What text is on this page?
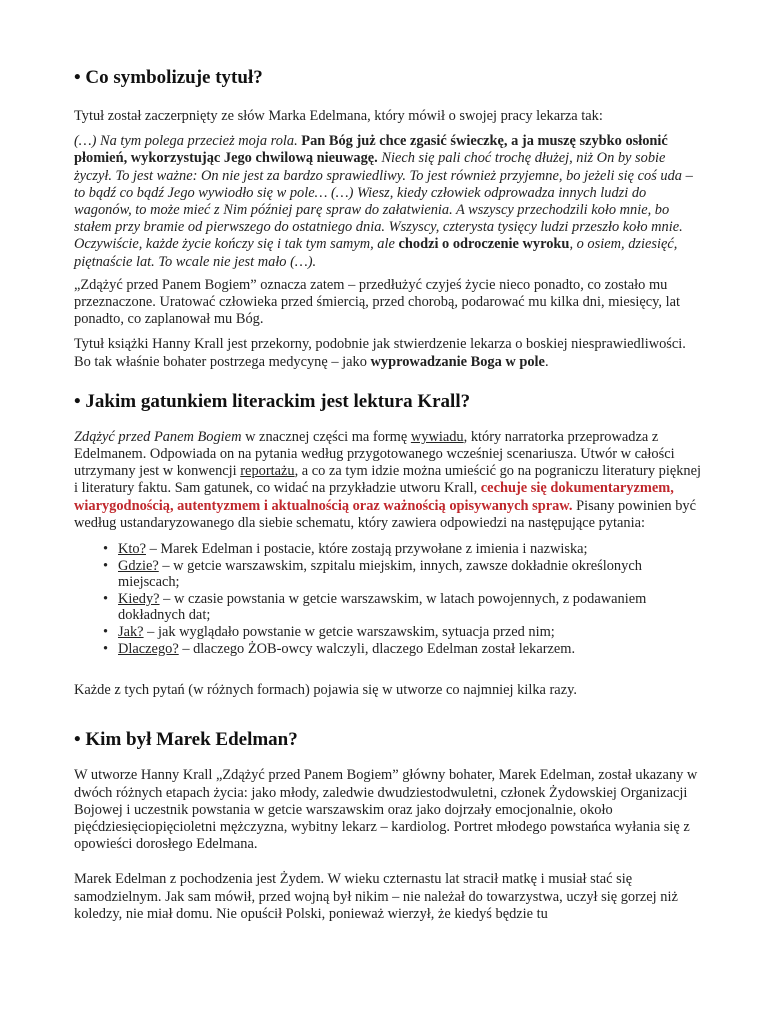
• Co symbolizuje tytuł?

Tytuł został zaczerpnięty ze słów Marka Edelmana, który mówił o swojej pracy lekarza tak:

(…) Na tym polega przecież moja rola. Pan Bóg już chce zgasić świeczkę, a ja muszę szybko osłonić płomień, wykorzystując Jego chwilową nieuwagę. Niech się pali choć trochę dłużej, niż On by sobie życzył. To jest ważne: On nie jest za bardzo sprawiedliwy. To jest również przyjemne, bo jeżeli się coś uda – to bądź co bądź Jego wywiodło się w pole… (…) Wiesz, kiedy człowiek odprowadza innych ludzi do wagonów, to może mieć z Nim później parę spraw do załatwienia. A wszyscy przechodzili koło mnie, bo stałem przy bramie od pierwszego do ostatniego dnia. Wszyscy, czterysta tysięcy ludzi przeszło koło mnie. Oczywiście, każde życie kończy się i tak tym samym, ale chodzi o odroczenie wyroku, o osiem, dziesięć, piętnaście lat. To wcale nie jest mało (…).

„Zdążyć przed Panem Bogiem” oznacza zatem – przedłużyć czyjeś życie nieco ponadto, co zostało mu przeznaczone. Uratować człowieka przed śmiercią, przed chorobą, podarować mu kilka dni, miesięcy, lat ponadto, co zaplanował mu Bóg.

Tytuł książki Hanny Krall jest przekorny, podobnie jak stwierdzenie lekarza o boskiej niesprawiedliwości. Bo tak właśnie bohater postrzega medycynę – jako wyprowadzanie Boga w pole.

• Jakim gatunkiem literackim jest lektura Krall?

Zdążyć przed Panem Bogiem w znacznej części ma formę wywiadu, który narratorka przeprowadza z Edelmanem. Odpowiada on na pytania według przygotowanego wcześniej scenariusza. Utwór w całości utrzymany jest w konwencji reportażu, a co za tym idzie można umieścić go na pograniczu literatury pięknej i literatury faktu. Sam gatunek, co widać na przykładzie utworu Krall, cechuje się dokumentaryzmem, wiarygodnością, autentyzmem i aktualnością oraz ważnością opisywanych spraw. Pisany powinien być według ustandaryzowanego dla siebie schematu, który zawiera odpowiedzi na następujące pytania:

• Kto? – Marek Edelman i postacie, które zostają przywołane z imienia i nazwiska;
• Gdzie? – w getcie warszawskim, szpitalu miejskim, innych, zawsze dokładnie określonych miejscach;
• Kiedy? – w czasie powstania w getcie warszawskim, w latach powojennych, z podawaniem dokładnych dat;
• Jak? – jak wyglądało powstanie w getcie warszawskim, sytuacja przed nim;
• Dlaczego? – dlaczego ŻOB-owcy walczyli, dlaczego Edelman został lekarzem.

Każde z tych pytań (w różnych formach) pojawia się w utworze co najmniej kilka razy.

• Kim był Marek Edelman?

W utworze Hanny Krall „Zdążyć przed Panem Bogiem” główny bohater, Marek Edelman, został ukazany w dwóch różnych etapach życia: jako młody, zaledwie dwudziestodwuletni, członek Żydowskiej Organizacji Bojowej i uczestnik powstania w getcie warszawskim oraz jako dojrzały emocjonalnie, około pięćdziesięciopięcioletni mężczyzna, wybitny lekarz – kardiolog. Portret młodego powstańca wyłania się z opowieści dorosłego Edelmana.

Marek Edelman z pochodzenia jest Żydem. W wieku czternastu lat stracił matkę i musiał stać się samodzielnym. Jak sam mówił, przed wojną był nikim – nie należał do towarzystwa, uczył się gorzej niż koledzy, nie miał domu. Nie opuścił Polski, ponieważ wierzył, że kiedyś będzie tu
